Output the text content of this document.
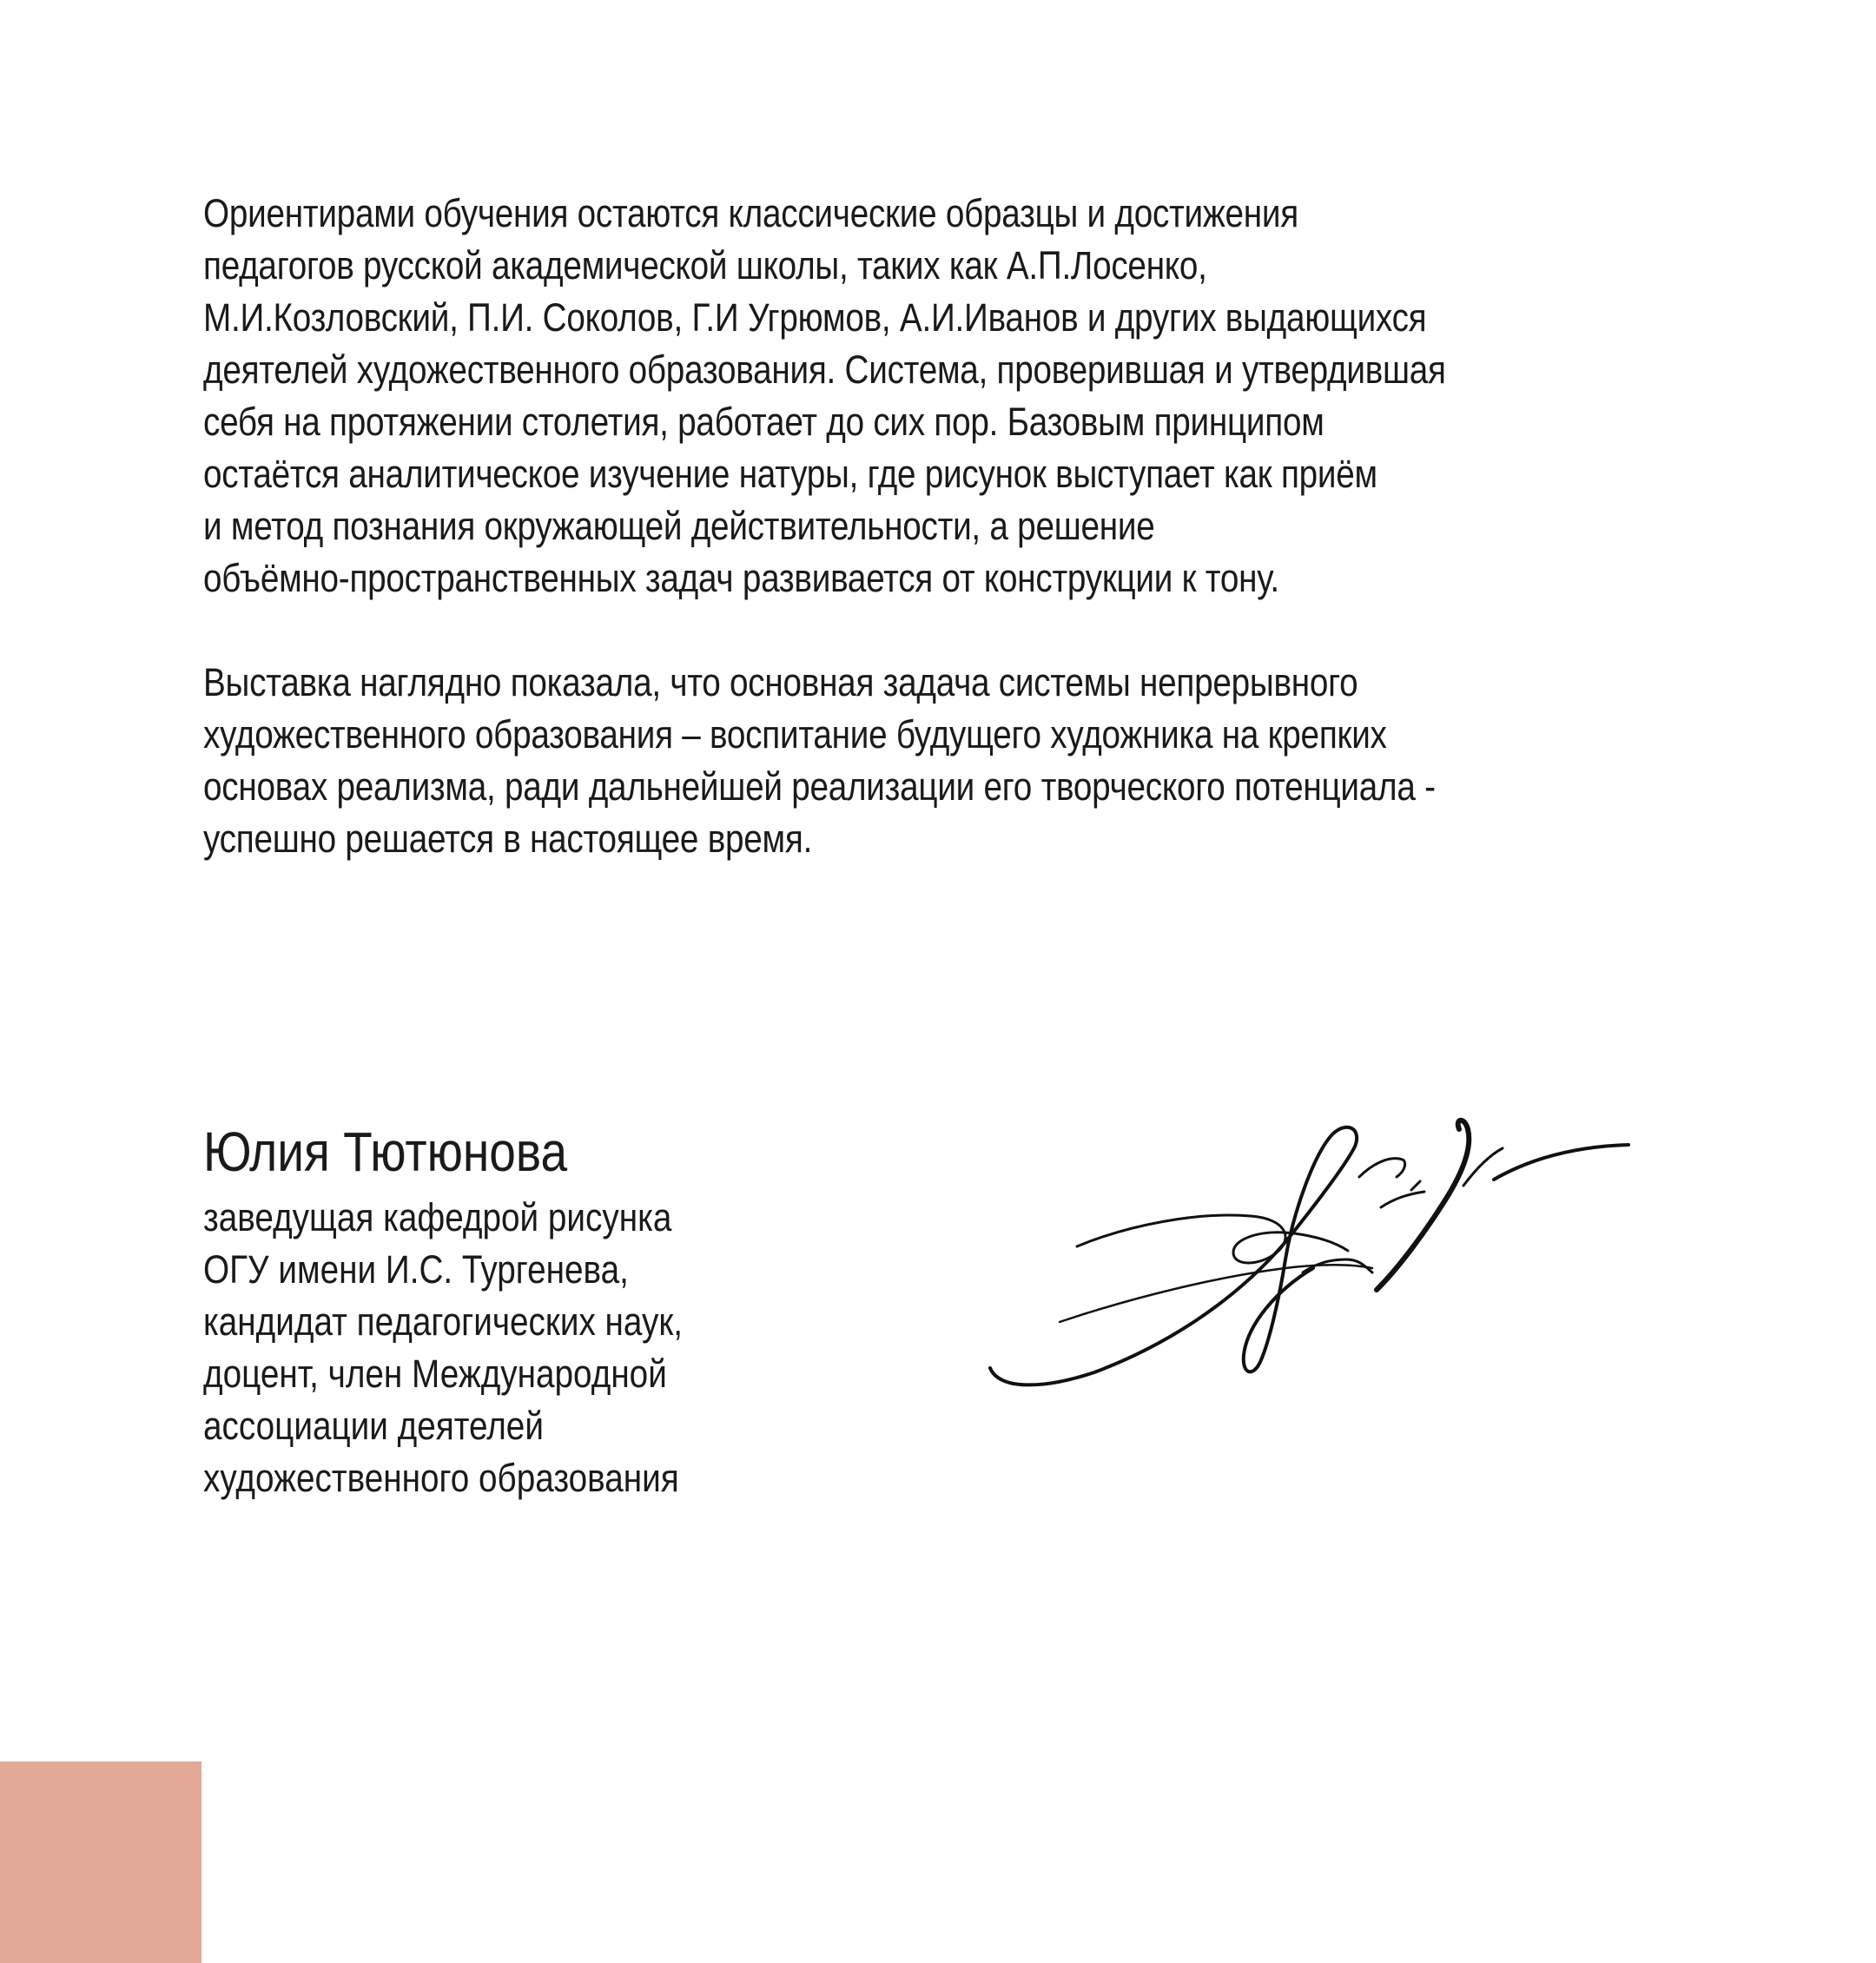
Ориентирами обучения остаются классические образцы и достижения
педагогов русской академической школы, таких как А.П.Лосенко,
М.И.Козловский, П.И. Соколов, Г.И Угрюмов, А.И.Иванов и других выдающихся
деятелей художественного образования. Система, проверившая и утвердившая
себя на протяжении столетия, работает до сих пор. Базовым принципом
остаётся аналитическое изучение натуры, где рисунок выступает как приём
и метод познания окружающей действительности, а решение
объёмно-пространственных задач развивается от конструкции к тону.

Выставка наглядно показала, что основная задача системы непрерывного
художественного образования – воспитание будущего художника на крепких
основах реализма, ради дальнейшей реализации его творческого потенциала -
успешно решается в настоящее время.

Юлия Тютюнова
заведущая кафедрой рисунка
ОГУ имени И.С. Тургенева,
кандидат педагогических наук,
доцент, член Международной
ассоциации деятелей
художественного образования
